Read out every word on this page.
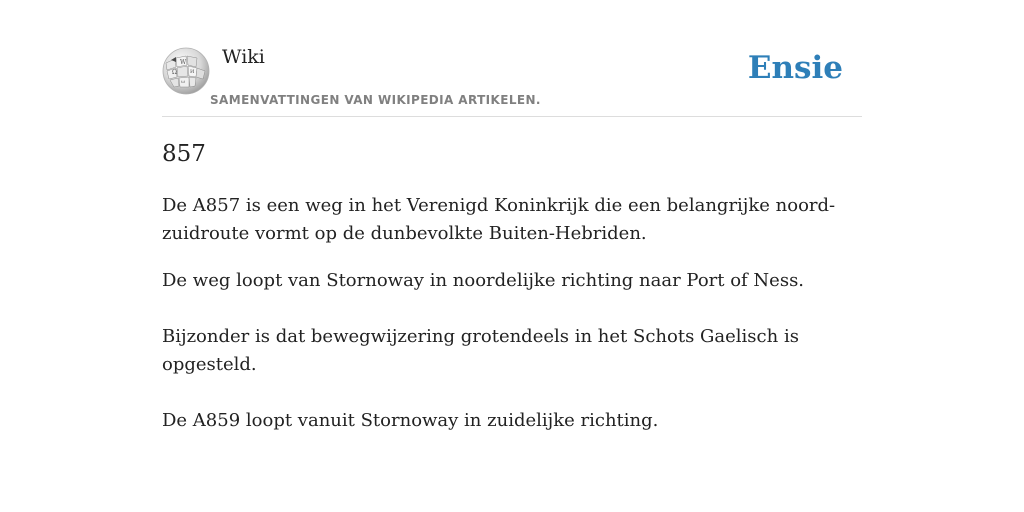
W
Ω	И
ω
Wiki
SAMENVATTINGEN VAN WIKIPEDIA ARTIKELEN.
Ensie
857

De A857 is een weg in het Verenigd Koninkrijk die een belangrijke noord-zuidroute vormt op de dunbevolkte Buiten-Hebriden.

De weg loopt van Stornoway in noordelijke richting naar Port of Ness.

Bijzonder is dat bewegwijzering grotendeels in het Schots Gaelisch is opgesteld.

De A859 loopt vanuit Stornoway in zuidelijke richting.
